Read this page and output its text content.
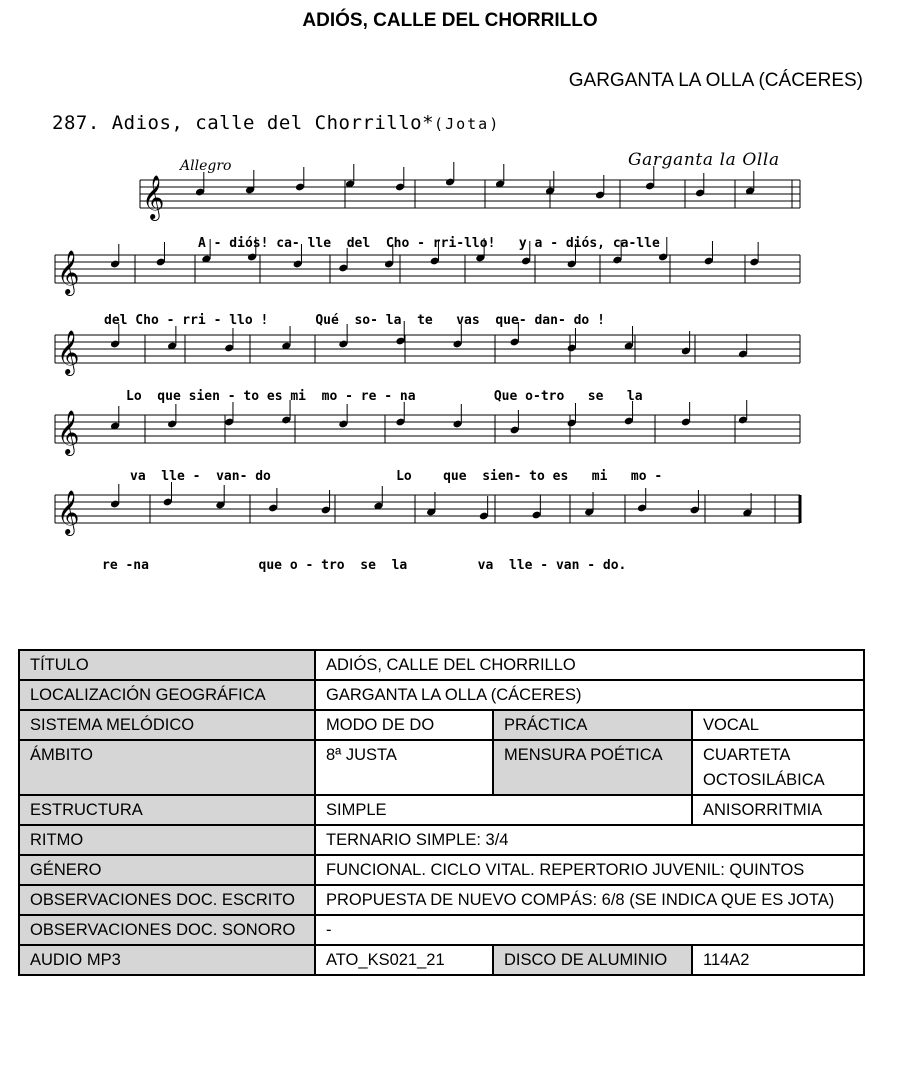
ADIÓS, CALLE DEL CHORRILLO
GARGANTA LA OLLA (CÁCERES)
287. Adios, calle del Chorrillo*(Jota)
Allegro	Garganta la Olla
𝄞
𝄞
𝄞
𝄞
𝄞
A - diós! ca- lle  del  Cho - rri-llo!   y a - diós, ca-lle
del Cho - rri - llo !      Qué  so- la  te   vas  que- dan- do !
Lo  que sien - to es mi  mo - re - na          Que o-tro   se   la
va  lle -  van- do                Lo    que  sien- to es   mi   mo -
re -na              que o - tro  se  la         va  lle - van - do.
TÍTULO	ADIÓS, CALLE DEL CHORRILLO		
LOCALIZACIÓN GEOGRÁFICA	GARGANTA LA OLLA (CÁCERES)		
SISTEMA MELÓDICO	MODO DE DO	PRÁCTICA	VOCAL
ÁMBITO	8ª JUSTA	MENSURA POÉTICA	CUARTETA OCTOSILÁBICA
ESTRUCTURA	SIMPLE		ANISORRITMIA
RITMO	TERNARIO SIMPLE: 3/4		
GÉNERO	FUNCIONAL. CICLO VITAL. REPERTORIO JUVENIL: QUINTOS		
OBSERVACIONES DOC. ESCRITO	PROPUESTA DE NUEVO COMPÁS: 6/8 (SE INDICA QUE ES JOTA)		
OBSERVACIONES DOC. SONORO	-		
AUDIO MP3	ATO_KS021_21	DISCO DE ALUMINIO	114A2
